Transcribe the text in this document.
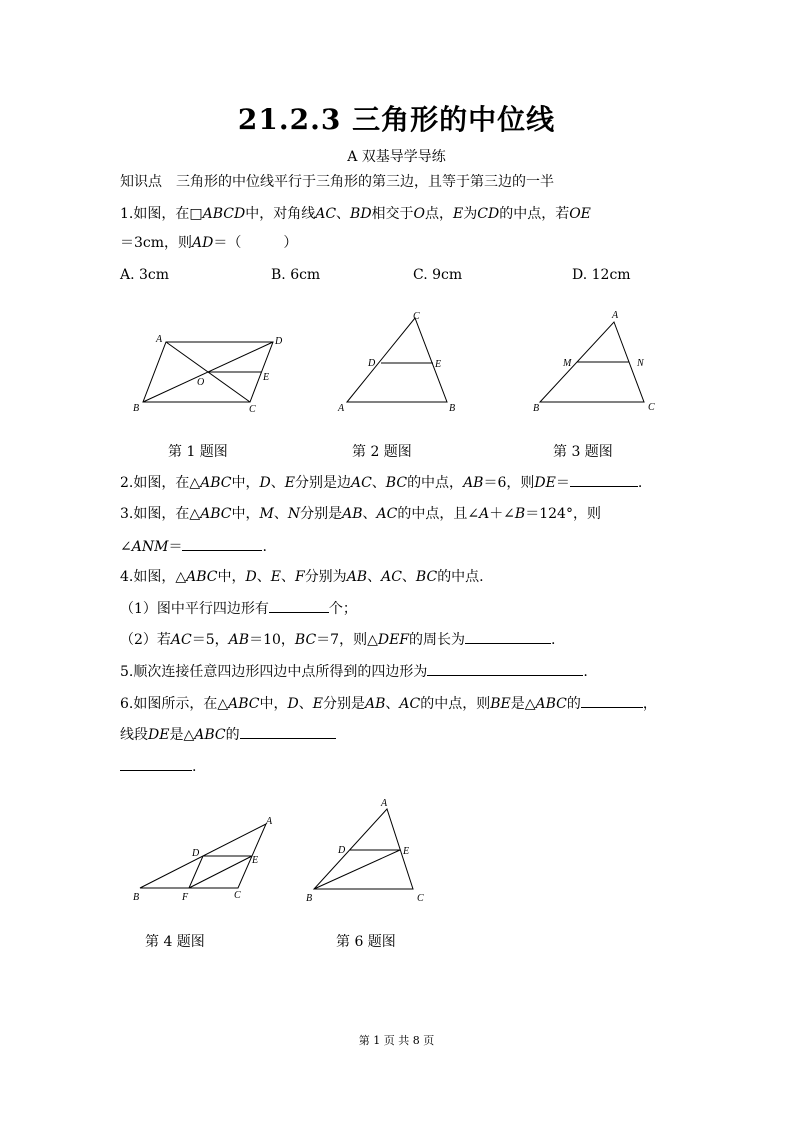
21.2.3 三角形的中位线
A 双基导学导练
知识点　三角形的中位线平行于三角形的第三边，且等于第三边的一半
1.如图，在□ABCD中，对角线AC、BD相交于O点，E为CD的中点，若OE
＝3cm，则AD＝（　　　）
A. 3cm	B. 6cm	C. 9cm	D. 12cm
A	D
B	C
O	E
C
D	E
A	B
A
M	N
B	C
第 1 题图	第 2 题图	第 3 题图
2.如图，在△ABC中，D、E分别是边AC、BC的中点，AB＝6，则DE＝	.
3.如图，在△ABC中，M、N分别是AB、AC的中点，且∠A＋∠B＝124°，则
∠ANM＝	.
4.如图，△ABC中，D、E、F分别为AB、AC、BC的中点.
（1）图中平行四边形有	个；
（2）若AC＝5，AB＝10，BC＝7，则△DEF的周长为	.
5.顺次连接任意四边形四边中点所得到的四边形为	.
6.如图所示，在△ABC中，D、E分别是AB、AC的中点，则BE是△ABC的	，
线段DE是△ABC的
.
A
D
E
B	F	C
A
D	E
B	C
第 4 题图	第 6 题图
第 1 页 共 8 页
